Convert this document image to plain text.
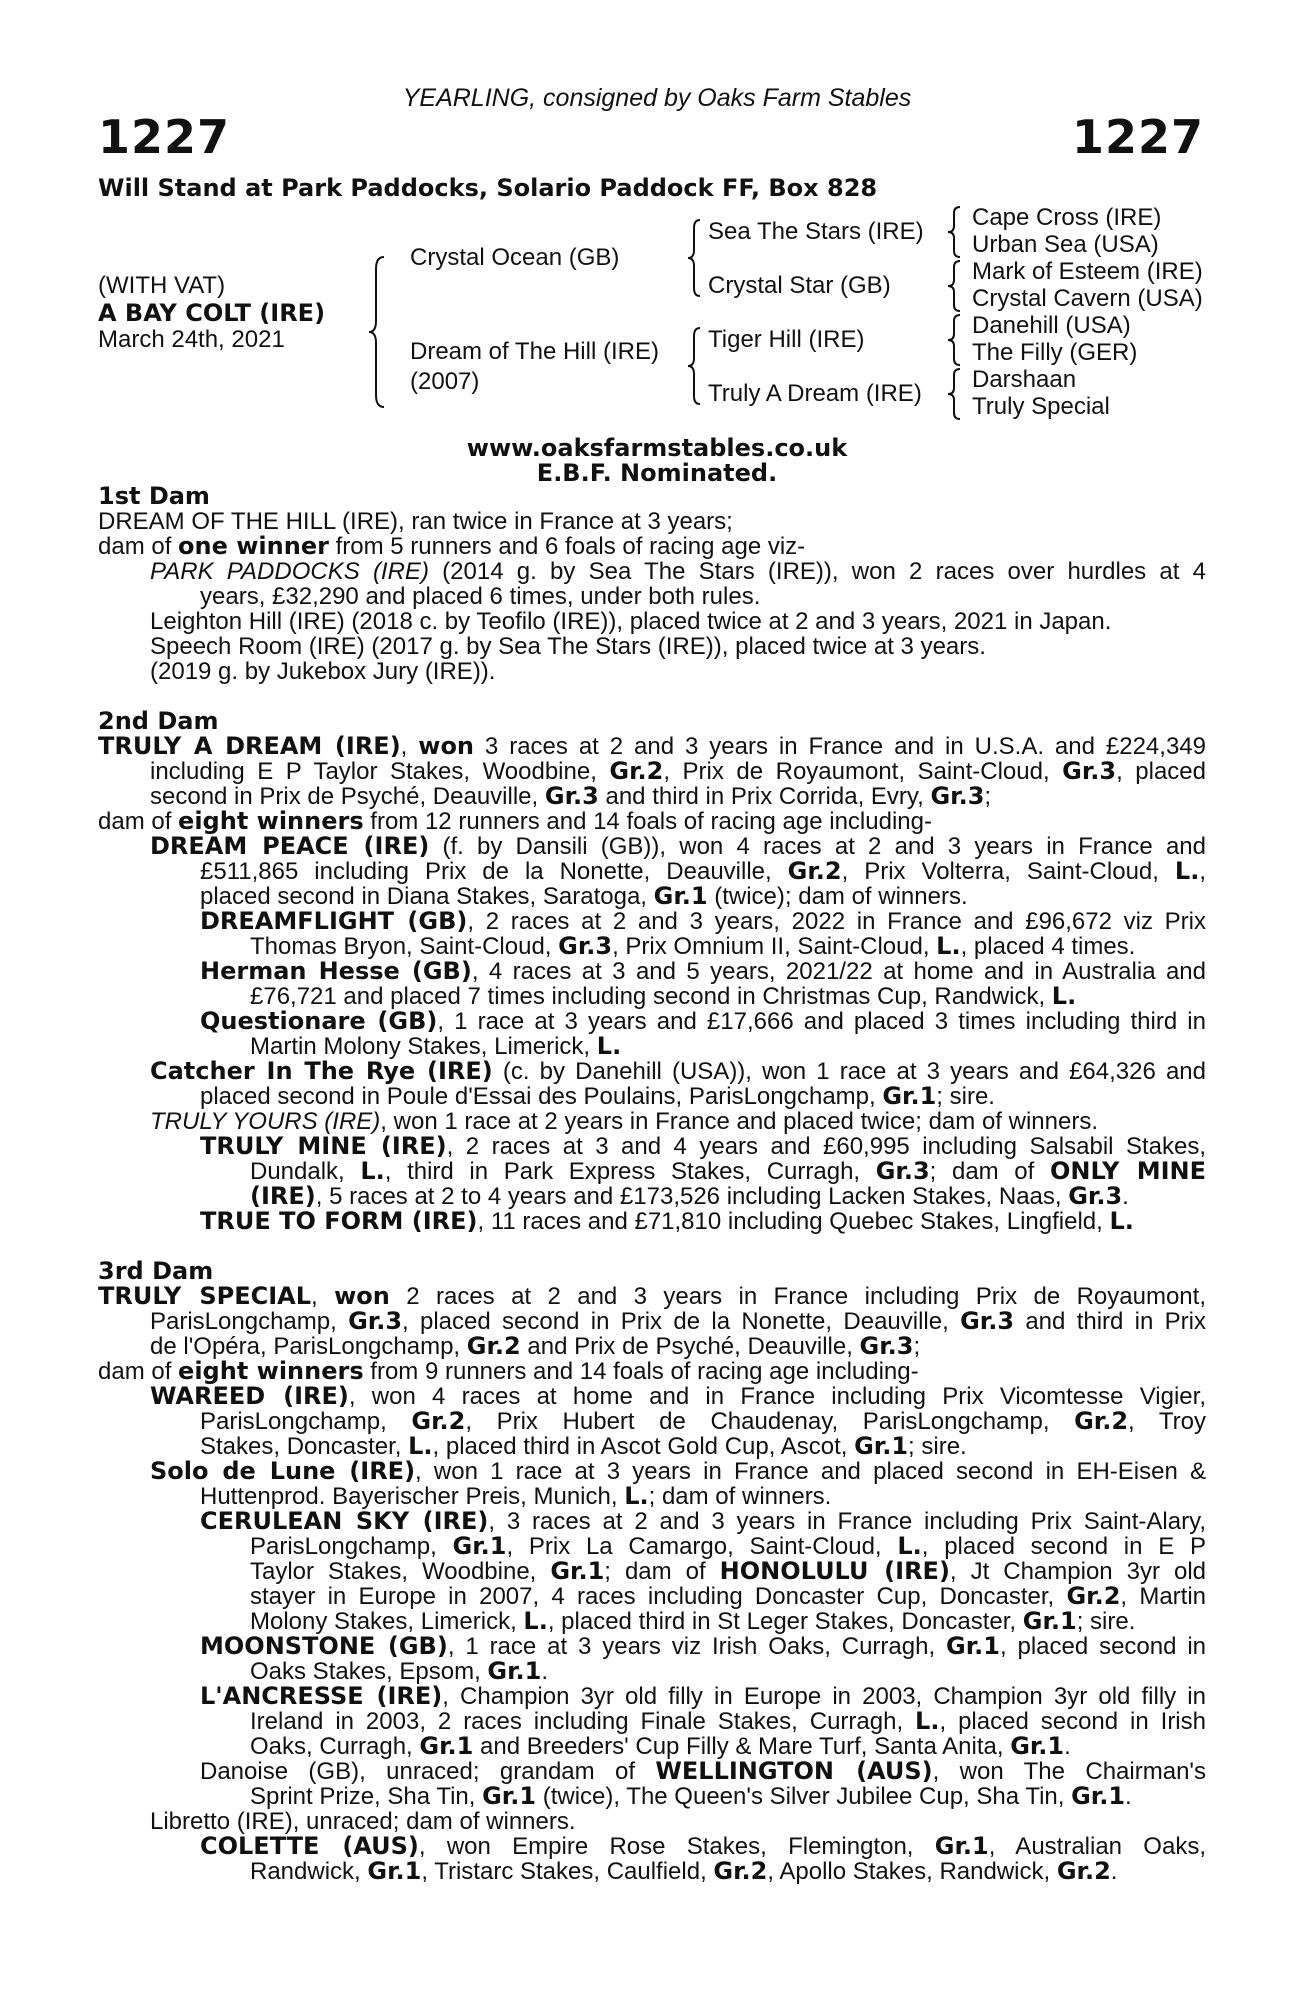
YEARLING, consigned by Oaks Farm Stables
1227	1227
Will Stand at Park Paddocks, Solario Paddock FF, Box 828
(WITH VAT)
A BAY COLT (IRE)
March 24th, 2021
Crystal Ocean (GB)
Dream of The Hill (IRE)
(2007)
Sea The Stars (IRE)
Crystal Star (GB)
Tiger Hill (IRE)
Truly A Dream (IRE)
Cape Cross (IRE)
Urban Sea (USA)
Mark of Esteem (IRE)
Crystal Cavern (USA)
Danehill (USA)
The Filly (GER)
Darshaan
Truly Special
www.oaksfarmstables.co.uk
E.B.F. Nominated.
1st Dam
DREAM OF THE HILL (IRE), ran twice in France at 3 years;
dam of one winner from 5 runners and 6 foals of racing age viz-
PARK PADDOCKS (IRE) (2014 g. by Sea The Stars (IRE)), won 2 races over hurdles at 4
years, £32,290 and placed 6 times, under both rules.
Leighton Hill (IRE) (2018 c. by Teofilo (IRE)), placed twice at 2 and 3 years, 2021 in Japan.
Speech Room (IRE) (2017 g. by Sea The Stars (IRE)), placed twice at 3 years.
(2019 g. by Jukebox Jury (IRE)).
2nd Dam
TRULY A DREAM (IRE), won 3 races at 2 and 3 years in France and in U.S.A. and £224,349
including E P Taylor Stakes, Woodbine, Gr.2, Prix de Royaumont, Saint-Cloud, Gr.3, placed
second in Prix de Psyché, Deauville, Gr.3 and third in Prix Corrida, Evry, Gr.3;
dam of eight winners from 12 runners and 14 foals of racing age including-
DREAM PEACE (IRE) (f. by Dansili (GB)), won 4 races at 2 and 3 years in France and
£511,865 including Prix de la Nonette, Deauville, Gr.2, Prix Volterra, Saint-Cloud, L.,
placed second in Diana Stakes, Saratoga, Gr.1 (twice); dam of winners.
DREAMFLIGHT (GB), 2 races at 2 and 3 years, 2022 in France and £96,672 viz Prix
Thomas Bryon, Saint-Cloud, Gr.3, Prix Omnium II, Saint-Cloud, L., placed 4 times.
Herman Hesse (GB), 4 races at 3 and 5 years, 2021/22 at home and in Australia and
£76,721 and placed 7 times including second in Christmas Cup, Randwick, L.
Questionare (GB), 1 race at 3 years and £17,666 and placed 3 times including third in
Martin Molony Stakes, Limerick, L.
Catcher In The Rye (IRE) (c. by Danehill (USA)), won 1 race at 3 years and £64,326 and
placed second in Poule d'Essai des Poulains, ParisLongchamp, Gr.1; sire.
TRULY YOURS (IRE), won 1 race at 2 years in France and placed twice; dam of winners.
TRULY MINE (IRE), 2 races at 3 and 4 years and £60,995 including Salsabil Stakes,
Dundalk, L., third in Park Express Stakes, Curragh, Gr.3; dam of ONLY MINE
(IRE), 5 races at 2 to 4 years and £173,526 including Lacken Stakes, Naas, Gr.3.
TRUE TO FORM (IRE), 11 races and £71,810 including Quebec Stakes, Lingfield, L.
3rd Dam
TRULY SPECIAL, won 2 races at 2 and 3 years in France including Prix de Royaumont,
ParisLongchamp, Gr.3, placed second in Prix de la Nonette, Deauville, Gr.3 and third in Prix
de l'Opéra, ParisLongchamp, Gr.2 and Prix de Psyché, Deauville, Gr.3;
dam of eight winners from 9 runners and 14 foals of racing age including-
WAREED (IRE), won 4 races at home and in France including Prix Vicomtesse Vigier,
ParisLongchamp, Gr.2, Prix Hubert de Chaudenay, ParisLongchamp, Gr.2, Troy
Stakes, Doncaster, L., placed third in Ascot Gold Cup, Ascot, Gr.1; sire.
Solo de Lune (IRE), won 1 race at 3 years in France and placed second in EH-Eisen &
Huttenprod. Bayerischer Preis, Munich, L.; dam of winners.
CERULEAN SKY (IRE), 3 races at 2 and 3 years in France including Prix Saint-Alary,
ParisLongchamp, Gr.1, Prix La Camargo, Saint-Cloud, L., placed second in E P
Taylor Stakes, Woodbine, Gr.1; dam of HONOLULU (IRE), Jt Champion 3yr old
stayer in Europe in 2007, 4 races including Doncaster Cup, Doncaster, Gr.2, Martin
Molony Stakes, Limerick, L., placed third in St Leger Stakes, Doncaster, Gr.1; sire.
MOONSTONE (GB), 1 race at 3 years viz Irish Oaks, Curragh, Gr.1, placed second in
Oaks Stakes, Epsom, Gr.1.
L'ANCRESSE (IRE), Champion 3yr old filly in Europe in 2003, Champion 3yr old filly in
Ireland in 2003, 2 races including Finale Stakes, Curragh, L., placed second in Irish
Oaks, Curragh, Gr.1 and Breeders' Cup Filly & Mare Turf, Santa Anita, Gr.1.
Danoise (GB), unraced; grandam of WELLINGTON (AUS), won The Chairman's
Sprint Prize, Sha Tin, Gr.1 (twice), The Queen's Silver Jubilee Cup, Sha Tin, Gr.1.
Libretto (IRE), unraced; dam of winners.
COLETTE (AUS), won Empire Rose Stakes, Flemington, Gr.1, Australian Oaks,
Randwick, Gr.1, Tristarc Stakes, Caulfield, Gr.2, Apollo Stakes, Randwick, Gr.2.
